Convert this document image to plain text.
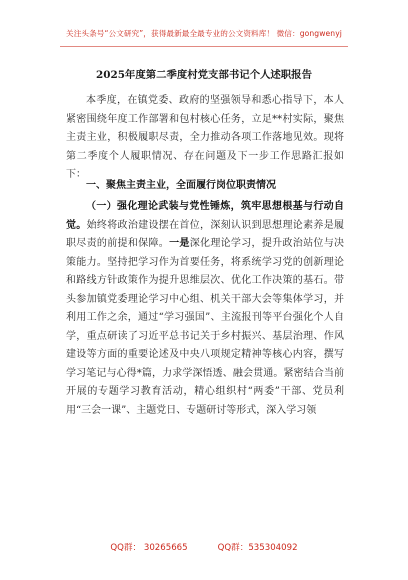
关注头条号“公文研究”，获得最新最全最专业的公文资料库！ 微信：gongwenyj
2025年度第二季度村党支部书记个人述职报告
本季度，在镇党委、政府的坚强领导和悉心指导下，本人紧密围绕年度工作部署和包村核心任务，立足**村实际，聚焦主责主业，积极履职尽责，全力推动各项工作落地见效。现将第二季度个人履职情况、存在问题及下一步工作思路汇报如下：
一、聚焦主责主业，全面履行岗位职责情况
（一）强化理论武装与党性锤炼，筑牢思想根基与行动自觉。始终将政治建设摆在首位，深刻认识到思想理论素养是履职尽责的前提和保障。一是深化理论学习，提升政治站位与决策能力。坚持把学习作为首要任务，将系统学习党的创新理论和路线方针政策作为提升思维层次、优化工作决策的基石。带头参加镇党委理论学习中心组、机关干部大会等集体学习，并利用工作之余，通过“学习强国”、主流报刊等平台强化个人自学，重点研读了习近平总书记关于乡村振兴、基层治理、作风建设等方面的重要论述及中央八项规定精神等核心内容，撰写学习笔记与心得*篇，力求学深悟透、融会贯通。紧密结合当前开展的专题学习教育活动，精心组织村“两委”干部、党员利用“三会一课”、主题党日、专题研讨等形式，深入学习领
QQ群： 30265665	QQ群：535304092
